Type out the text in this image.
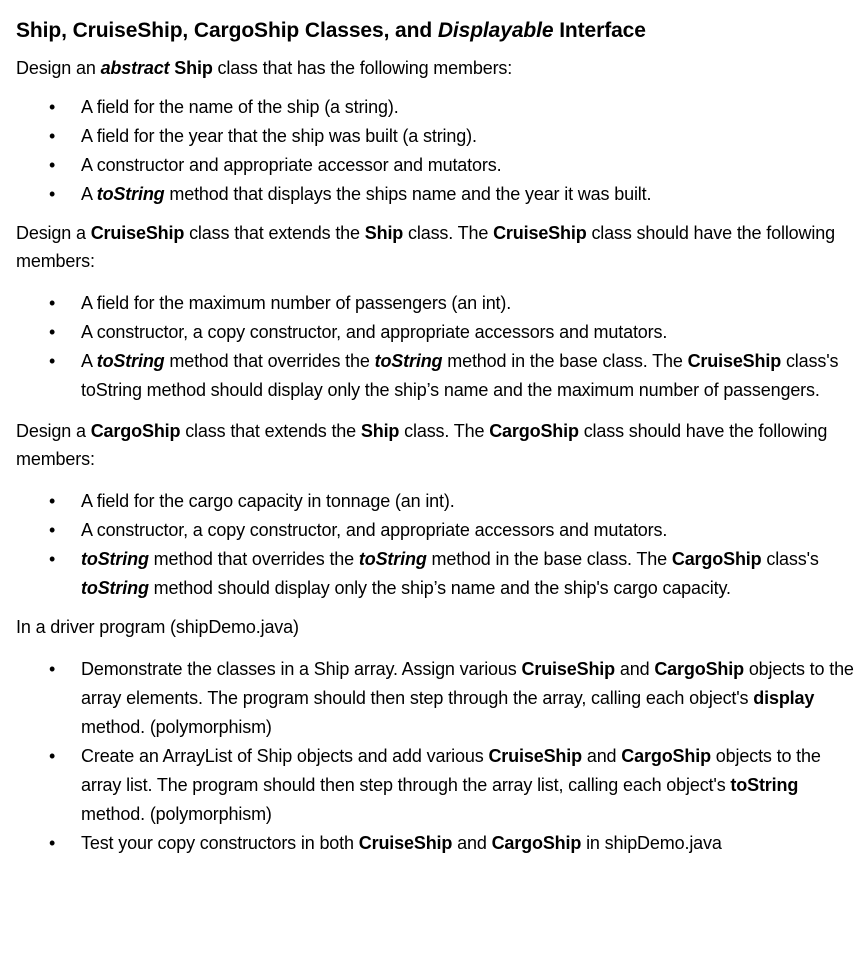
Ship, CruiseShip, CargoShip Classes, and Displayable Interface

Design an abstract Ship class that has the following members:

• A field for the name of the ship (a string).
• A field for the year that the ship was built (a string).
• A constructor and appropriate accessor and mutators.
• A toString method that displays the ships name and the year it was built.

Design a CruiseShip class that extends the Ship class. The CruiseShip class should have the following members:

• A field for the maximum number of passengers (an int).
• A constructor, a copy constructor, and appropriate accessors and mutators.
• A toString method that overrides the toString method in the base class. The CruiseShip class's toString method should display only the ship’s name and the maximum number of passengers.

Design a CargoShip class that extends the Ship class. The CargoShip class should have the following members:

• A field for the cargo capacity in tonnage (an int).
• A constructor, a copy constructor, and appropriate accessors and mutators.
• toString method that overrides the toString method in the base class. The CargoShip class's toString method should display only the ship’s name and the ship's cargo capacity.

In a driver program (shipDemo.java)

• Demonstrate the classes in a Ship array. Assign various CruiseShip and CargoShip objects to the array elements. The program should then step through the array, calling each object's display method. (polymorphism)
• Create an ArrayList of Ship objects and add various CruiseShip and CargoShip objects to the array list. The program should then step through the array list, calling each object's toString method. (polymorphism)
• Test your copy constructors in both CruiseShip and CargoShip in shipDemo.java
